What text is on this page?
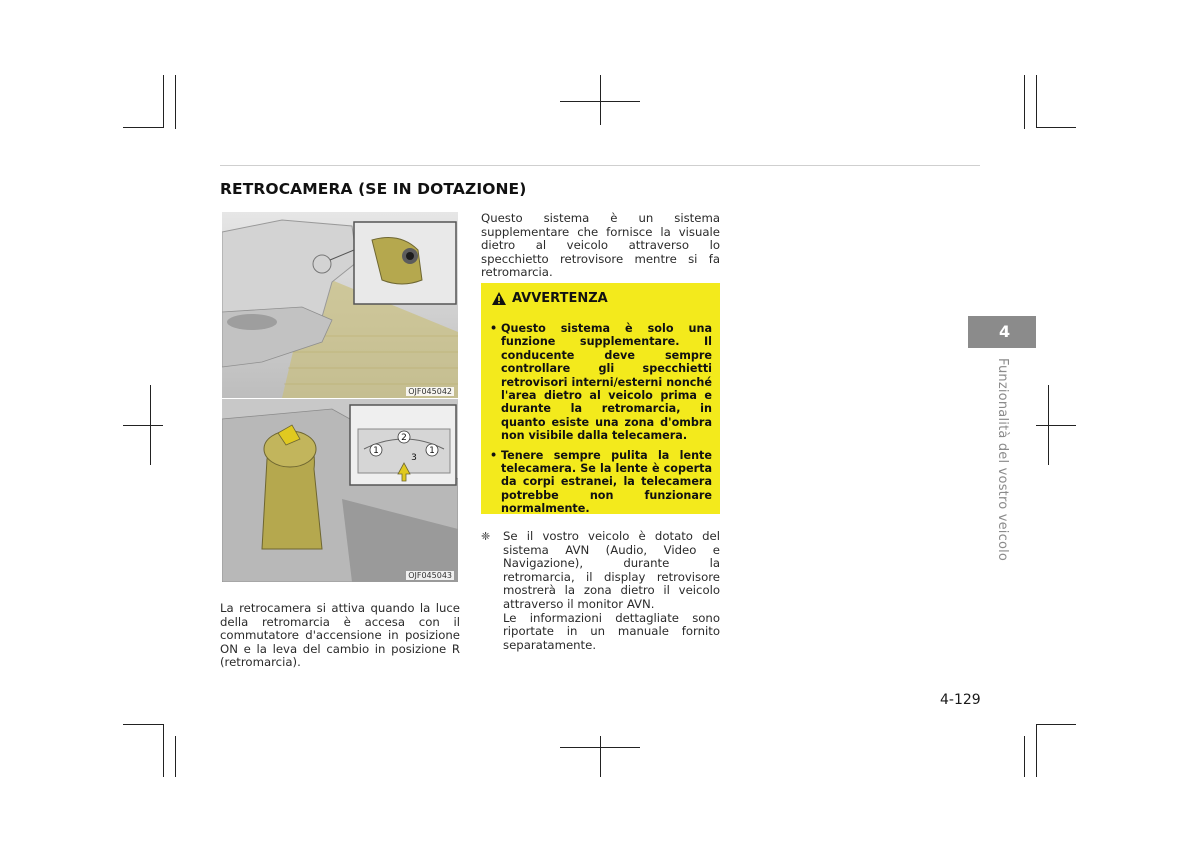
RETROCAMERA (SE IN DOTAZIONE)
OJF045042
1
2
1
3
OJF045043
La retrocamera si attiva quando la luce della retromarcia è accesa con il commutatore d'accensione in posizione ON e la leva del cambio in posizione R (retromarcia).
Questo sistema è un sistema supplementare che fornisce la visuale dietro al veicolo attraverso lo specchietto retrovisore mentre si fa retromarcia.
AVVERTENZA
• Questo sistema è solo una funzione supplementare. Il conducente deve sempre controllare gli specchietti retrovisori interni/esterni nonché l'area dietro al veicolo prima e durante la retromarcia, in quanto esiste una zona d'ombra non visibile dalla telecamera.
• Tenere sempre pulita la lente telecamera. Se la lente è coperta da corpi estranei, la telecamera potrebbe non funzionare normalmente.
❈ Se il vostro veicolo è dotato del sistema AVN (Audio, Video e Navigazione), durante la retromarcia, il display retrovisore mostrerà la zona dietro il veicolo attraverso il monitor AVN.
Le informazioni dettagliate sono riportate in un manuale fornito separatamente.
4
Funzionalità del vostro veicolo
4-129
